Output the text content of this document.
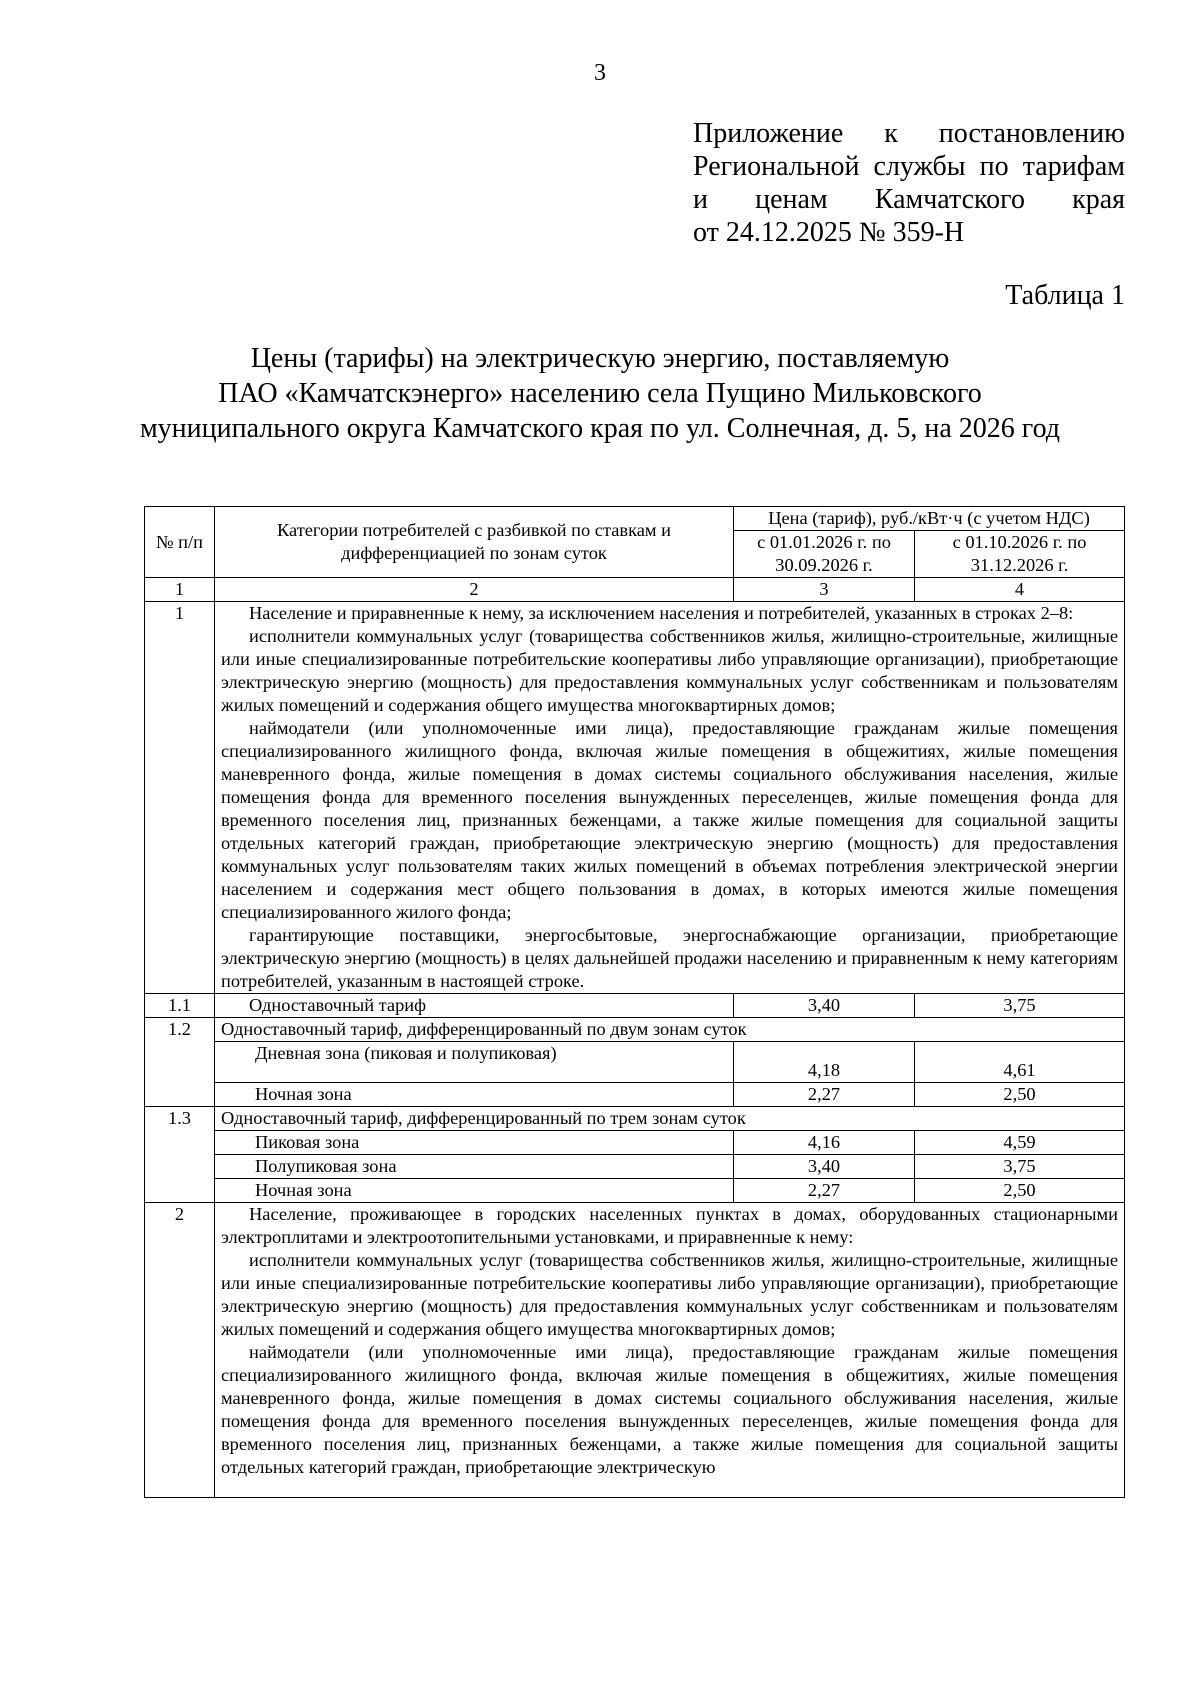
3
Приложение к постановлению
Региональной службы по тарифам
и ценам Камчатского края
от 24.12.2025 № 359-Н
Таблица 1
Цены (тарифы) на электрическую энергию, поставляемую
ПАО «Камчатскэнерго» населению села Пущино Мильковского
муниципального округа Камчатского края по ул. Солнечная, д. 5, на 2026 год
№ п/п	Категории потребителей с разбивкой по ставкам и дифференциацией по зонам суток	Цена (тариф), руб./кВт·ч (с учетом НДС)	
		с 01.01.2026 г. по 30.09.2026 г.	с 01.10.2026 г. по 31.12.2026 г.
1	2	3	4
1	Население и приравненные к нему, за исключением населения и потребителей, указанных в строках 2–8:
исполнители коммунальных услуг (товарищества собственников жилья, жилищно-строительные, жилищные или иные специализированные потребительские кооперативы либо управляющие организации), приобретающие электрическую энергию (мощность) для предоставления коммунальных услуг собственникам и пользователям жилых помещений и содержания общего имущества многоквартирных домов;
наймодатели (или уполномоченные ими лица), предоставляющие гражданам жилые помещения специализированного жилищного фонда, включая жилые помещения в общежитиях, жилые помещения маневренного фонда, жилые помещения в домах системы социального обслуживания населения, жилые помещения фонда для временного поселения вынужденных переселенцев, жилые помещения фонда для временного поселения лиц, признанных беженцами, а также жилые помещения для социальной защиты отдельных категорий граждан, приобретающие электрическую энергию (мощность) для предоставления коммунальных услуг пользователям таких жилых помещений в объемах потребления электрической энергии населением и содержания мест общего пользования в домах, в которых имеются жилые помещения специализированного жилого фонда;
гарантирующие поставщики, энергосбытовые, энергоснабжающие организации, приобретающие электрическую энергию (мощность) в целях дальнейшей продажи населению и приравненным к нему категориям потребителей, указанным в настоящей строке.		

1.1	Одноставочный тариф	3,40	3,75
1.2	Одноставочный тариф, дифференцированный по двум зонам суток		
	Дневная зона (пиковая и полупиковая)	4,18	4,61
	Ночная зона	2,27	2,50
1.3	Одноставочный тариф, дифференцированный по трем зонам суток		
	Пиковая зона	4,16	4,59
	Полупиковая зона	3,40	3,75
	Ночная зона	2,27	2,50
2	Население, проживающее в городских населенных пунктах в домах, оборудованных стационарными электроплитами и электроотопительными установками, и приравненные к нему:
исполнители коммунальных услуг (товарищества собственников жилья, жилищно-строительные, жилищные или иные специализированные потребительские кооперативы либо управляющие организации), приобретающие электрическую энергию (мощность) для предоставления коммунальных услуг собственникам и пользователям жилых помещений и содержания общего имущества многоквартирных домов;
наймодатели (или уполномоченные ими лица), предоставляющие гражданам жилые помещения специализированного жилищного фонда, включая жилые помещения в общежитиях, жилые помещения маневренного фонда, жилые помещения в домах системы социального обслуживания населения, жилые помещения фонда для временного поселения вынужденных переселенцев, жилые помещения фонда для временного поселения лиц, признанных беженцами, а также жилые помещения для социальной защиты отдельных категорий граждан, приобретающие электрическую		
